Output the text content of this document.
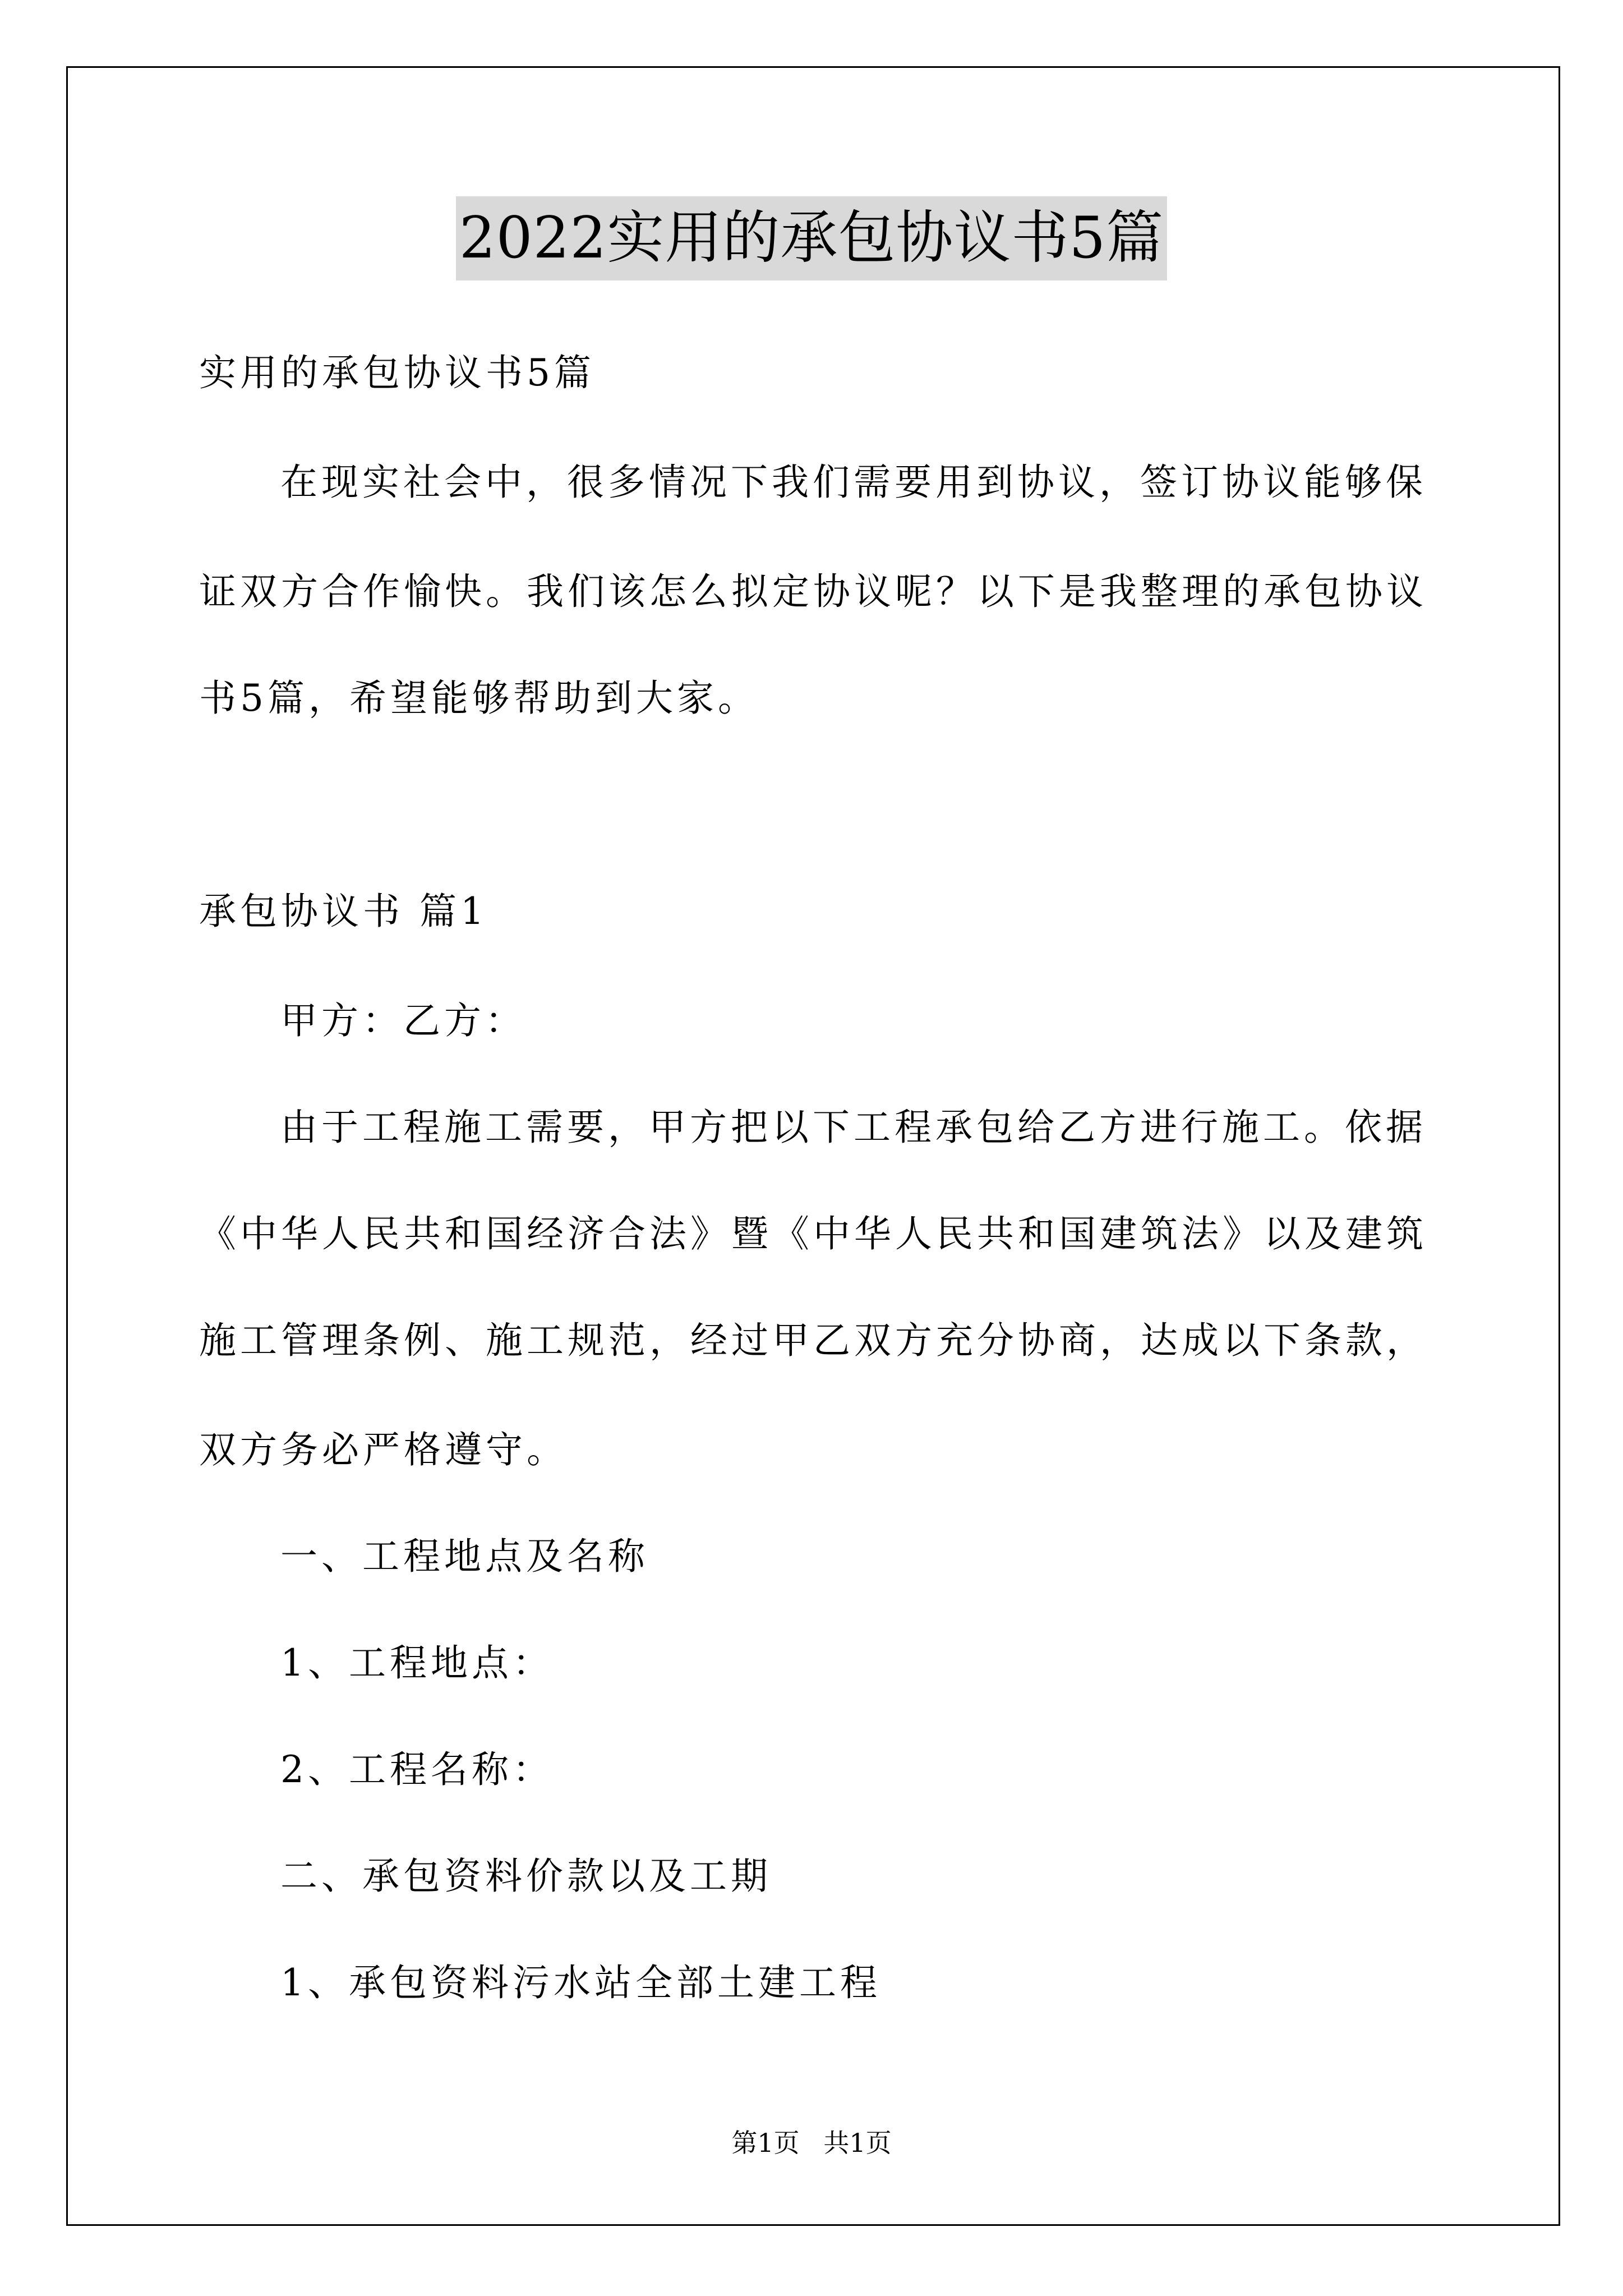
2022实用的承包协议书5篇
实用的承包协议书5篇
在现实社会中，很多情况下我们需要用到协议，签订协议能够保
证双方合作愉快。我们该怎么拟定协议呢？以下是我整理的承包协议
书5篇，希望能够帮助到大家。
承包协议书 篇1
甲方：乙方：
由于工程施工需要，甲方把以下工程承包给乙方进行施工。依据
《中华人民共和国经济合法》暨《中华人民共和国建筑法》以及建筑
施工管理条例、施工规范，经过甲乙双方充分协商，达成以下条款，
双方务必严格遵守。
一、工程地点及名称
1、工程地点：
2、工程名称：
二、承包资料价款以及工期
1、承包资料污水站全部土建工程
第1页 共1页
